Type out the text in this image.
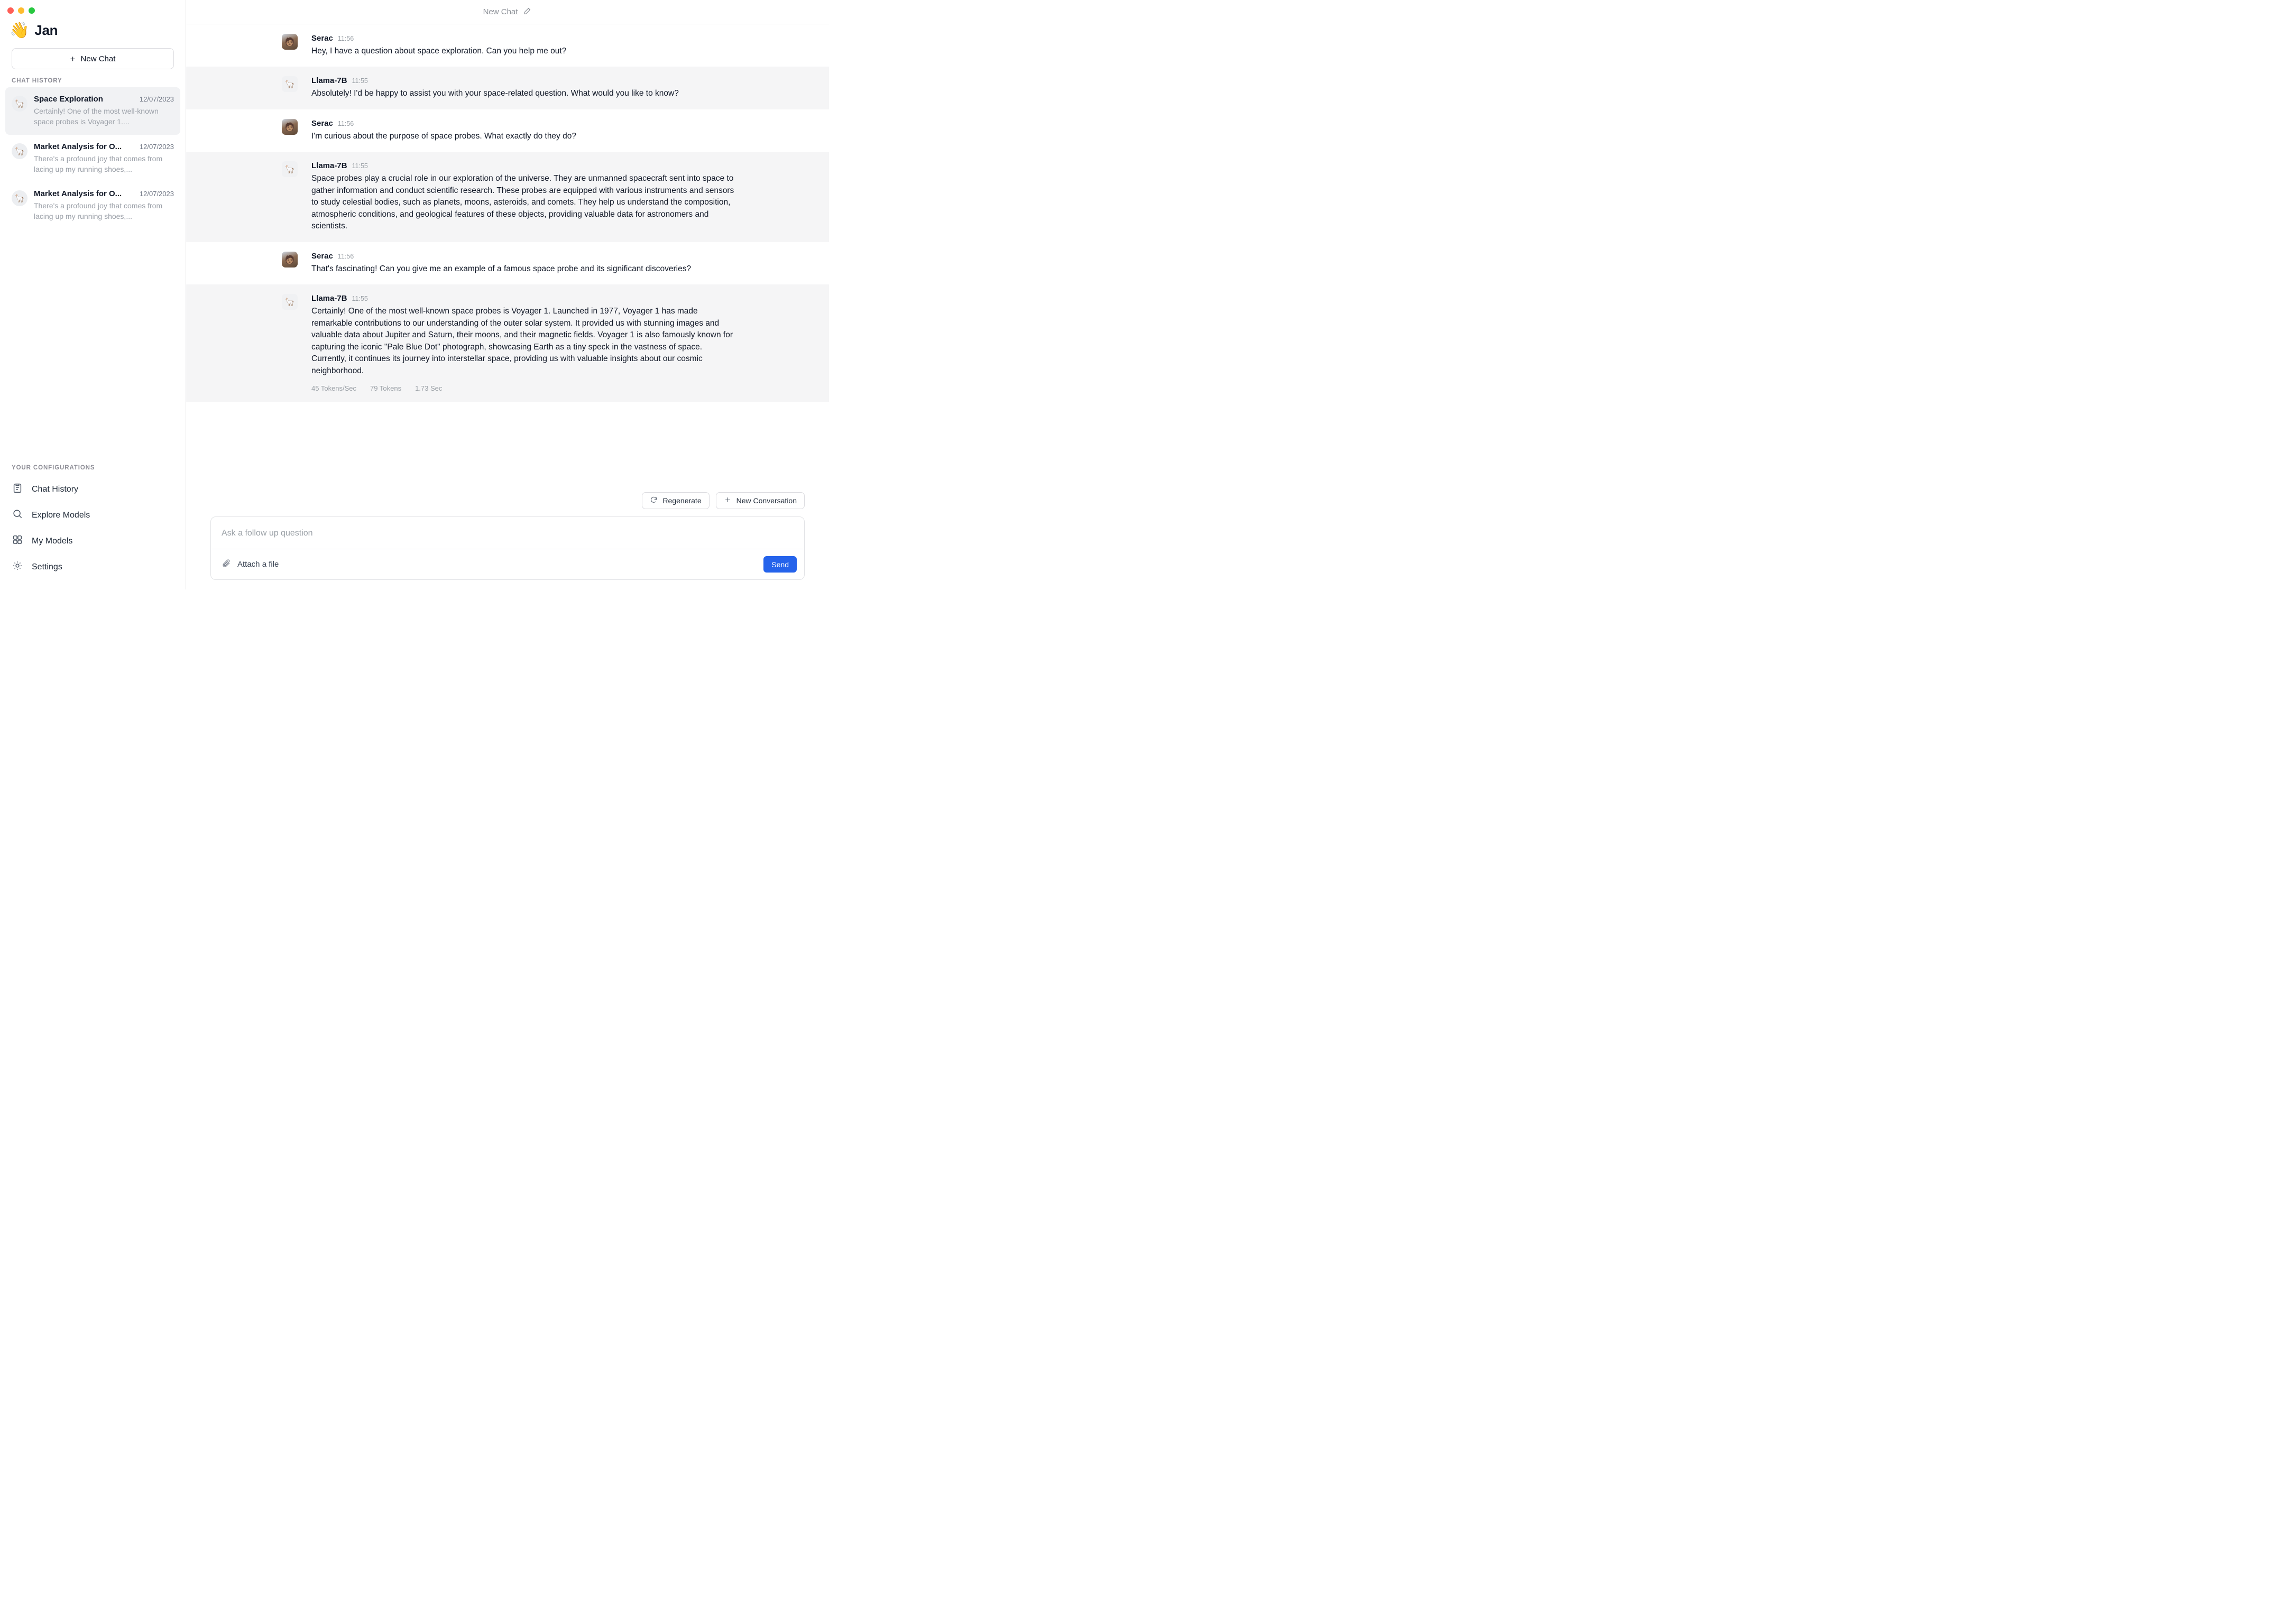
👋 Jan
+ New Chat
CHAT HISTORY
🦙
Space Exploration	12/07/2023
Certainly! One of the most well-known space probes is Voyager 1....
🦙
Market Analysis for O...	12/07/2023
There's a profound joy that comes from lacing up my running shoes,...
🦙
Market Analysis for O...	12/07/2023
There's a profound joy that comes from lacing up my running shoes,...
YOUR CONFIGURATIONS
Chat History
Explore Models
My Models
Settings
New Chat
🧑🏽	Serac 11:56
Hey, I have a question about space exploration. Can you help me out?
🦙	Llama-7B 11:55
Absolutely! I'd be happy to assist you with your space-related question. What would you like to know?
🧑🏽	Serac 11:56
I'm curious about the purpose of space probes. What exactly do they do?
🦙	Llama-7B 11:55
Space probes play a crucial role in our exploration of the universe. They are unmanned spacecraft sent into space to gather information and conduct scientific research. These probes are equipped with various instruments and sensors to study celestial bodies, such as planets, moons, asteroids, and comets. They help us understand the composition, atmospheric conditions, and geological features of these objects, providing valuable data for astronomers and scientists.
🧑🏽	Serac 11:56
That's fascinating! Can you give me an example of a famous space probe and its significant discoveries?
🦙	Llama-7B 11:55
Certainly! One of the most well-known space probes is Voyager 1. Launched in 1977, Voyager 1 has made remarkable contributions to our understanding of the outer solar system. It provided us with stunning images and valuable data about Jupiter and Saturn, their moons, and their magnetic fields. Voyager 1 is also famously known for capturing the iconic "Pale Blue Dot" photograph, showcasing Earth as a tiny speck in the vastness of space. Currently, it continues its journey into interstellar space, providing us with valuable insights about our cosmic neighborhood.
45 Tokens/Sec 79 Tokens 1.73 Sec
Regenerate	New Conversation
Ask a follow up question
Attach a file	Send
